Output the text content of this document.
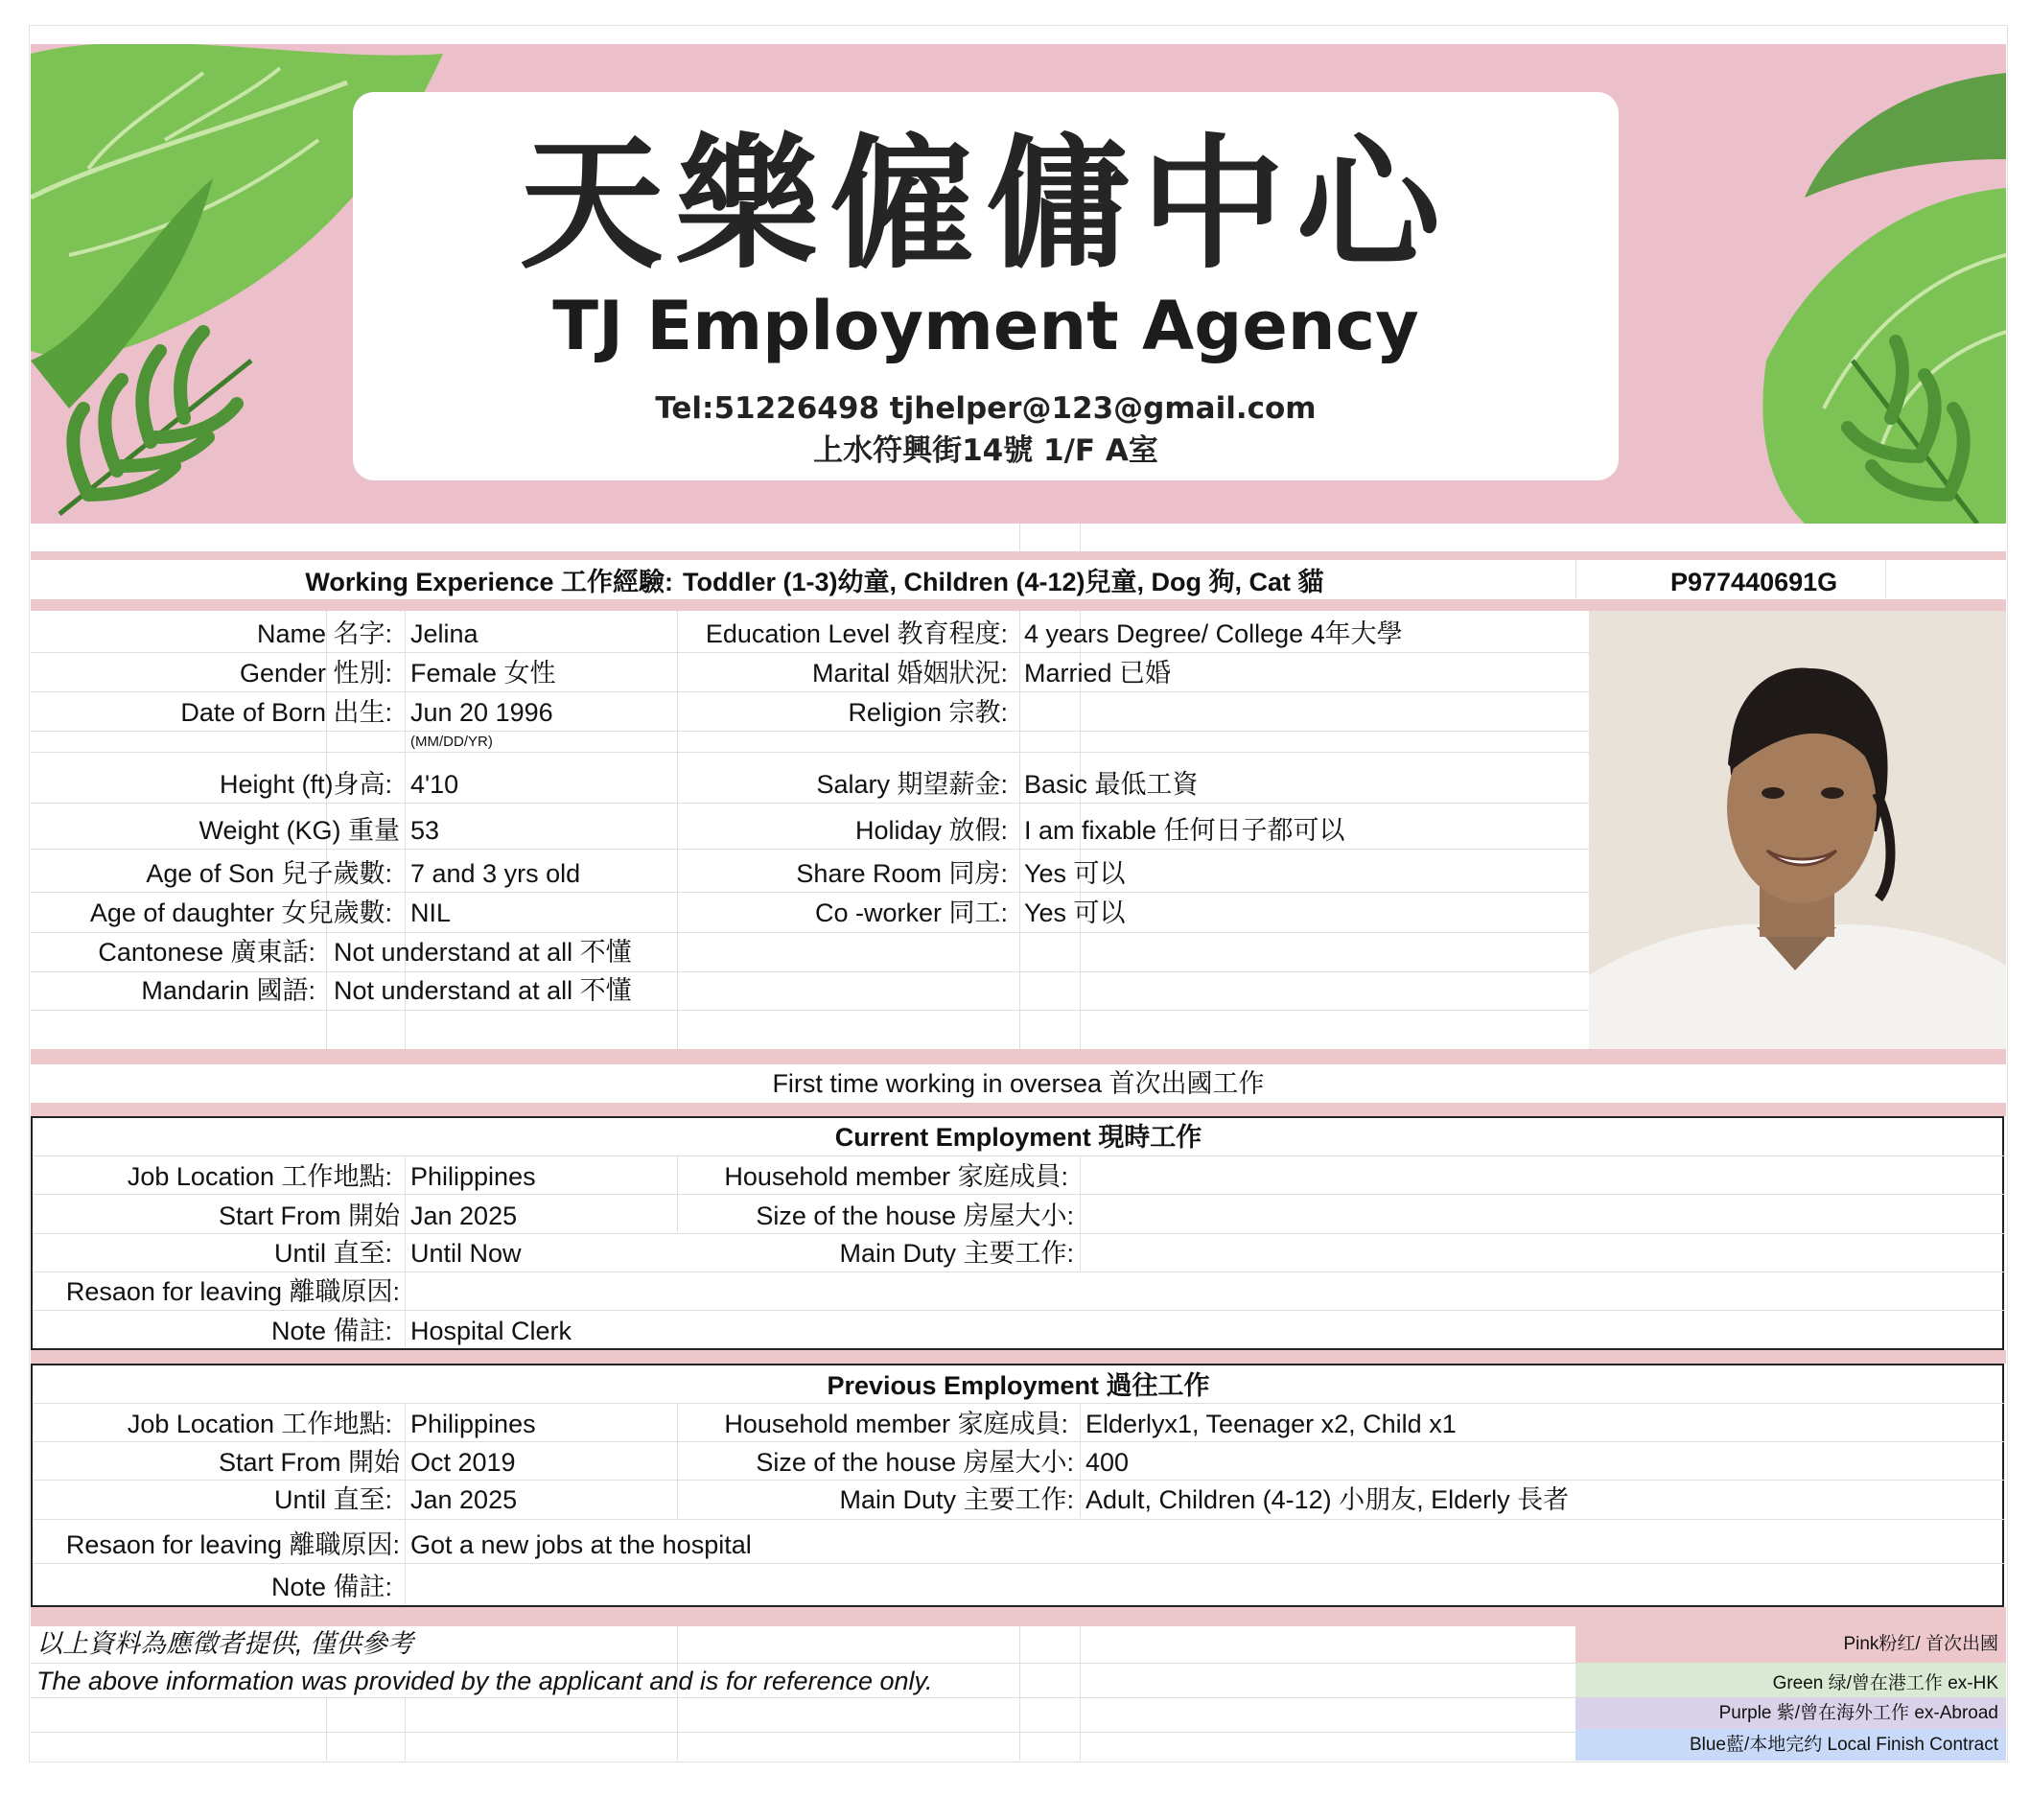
天樂僱傭中心
TJ Employment Agency
Tel:51226498 tjhelper@123@gmail.com
上水符興街14號 1/F A室
Working Experience 工作經驗: Toddler (1-3)幼童, Children (4-12)兒童, Dog 狗, Cat 貓	P977440691G
Name 名字: Jelina
Gender 性別: Female 女性
Date of Born 出生: Jun 20 1996
(MM/DD/YR)
Height (ft)身高: 4'10
Weight (KG) 重量 53
Age of Son 兒子歲數: 7 and 3 yrs old
Age of daughter 女兒歲數: NIL
Cantonese 廣東話: Not understand at all 不懂
Mandarin 國語: Not understand at all 不懂
Education Level 教育程度: 4 years Degree/ College 4年大學
Marital 婚姻狀況: Married 已婚
Religion 宗教:
Salary 期望薪金: Basic 最低工資
Holiday 放假: I am fixable 任何日子都可以
Share Room 同房: Yes 可以
Co -worker 同工: Yes 可以
First time working in oversea 首次出國工作
Current Employment 現時工作
Job Location 工作地點: Philippines
Start From 開始 Jan 2025
Until 直至: Until Now
Resaon for leaving 離職原因:
Note 備註: Hospital Clerk
Household member 家庭成員:
Size of the house 房屋大小:
Main Duty 主要工作:
Previous Employment 過往工作
Job Location 工作地點: Philippines
Start From 開始 Oct 2019
Until 直至: Jan 2025
Resaon for leaving 離職原因: Got a new jobs at the hospital
Note 備註:
Household member 家庭成員: Elderlyx1, Teenager x2, Child x1
Size of the house 房屋大小: 400
Main Duty 主要工作: Adult, Children (4-12) 小朋友, Elderly 長者
以上資料為應徵者提供, 僅供參考
The above information was provided by the applicant and is for reference only.
Pink粉红/ 首次出國
Green 绿/曾在港工作 ex-HK
Purple 紫/曾在海外工作 ex-Abroad
Blue藍/本地完约 Local Finish Contract
